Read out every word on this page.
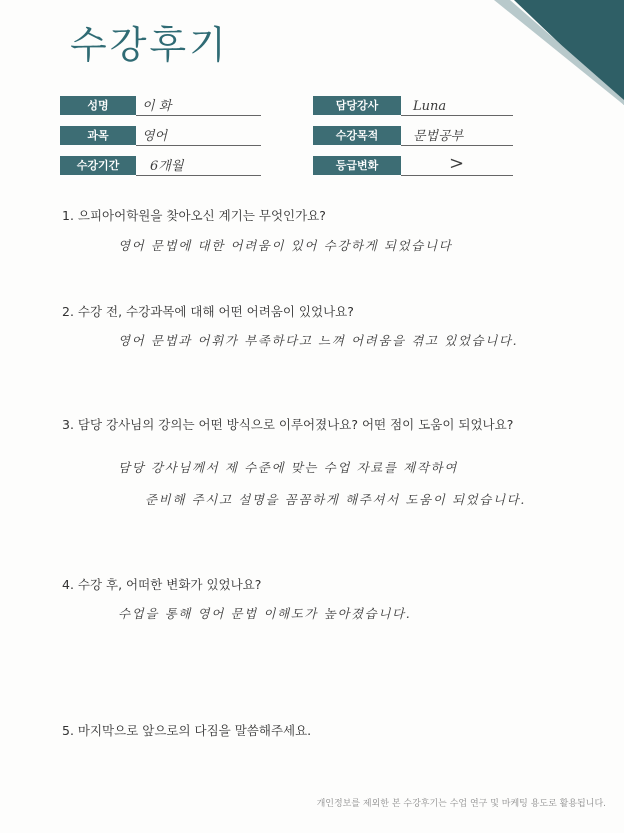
수강후기
성명	이 화	담당강사	Luna
과목	영어	수강목적	문법공부
수강기간	6개월	등급변화	>
1. 으피아어학원을 찾아오신 계기는 무엇인가요?
영어 문법에 대한 어려움이 있어 수강하게 되었습니다
2. 수강 전, 수강과목에 대해 어떤 어려움이 있었나요?
영어 문법과 어휘가 부족하다고 느껴 어려움을 겪고 있었습니다.
3. 담당 강사님의 강의는 어떤 방식으로 이루어졌나요? 어떤 점이 도움이 되었나요?
담당 강사님께서 제 수준에 맞는 수업 자료를 제작하여
준비해 주시고 설명을 꼼꼼하게 해주셔서 도움이 되었습니다.
4. 수강 후, 어떠한 변화가 있었나요?
수업을 통해 영어 문법 이해도가 높아졌습니다.
5. 마지막으로 앞으로의 다짐을 말씀해주세요.
개인정보를 제외한 본 수강후기는 수업 연구 및 마케팅 용도로 활용됩니다.
